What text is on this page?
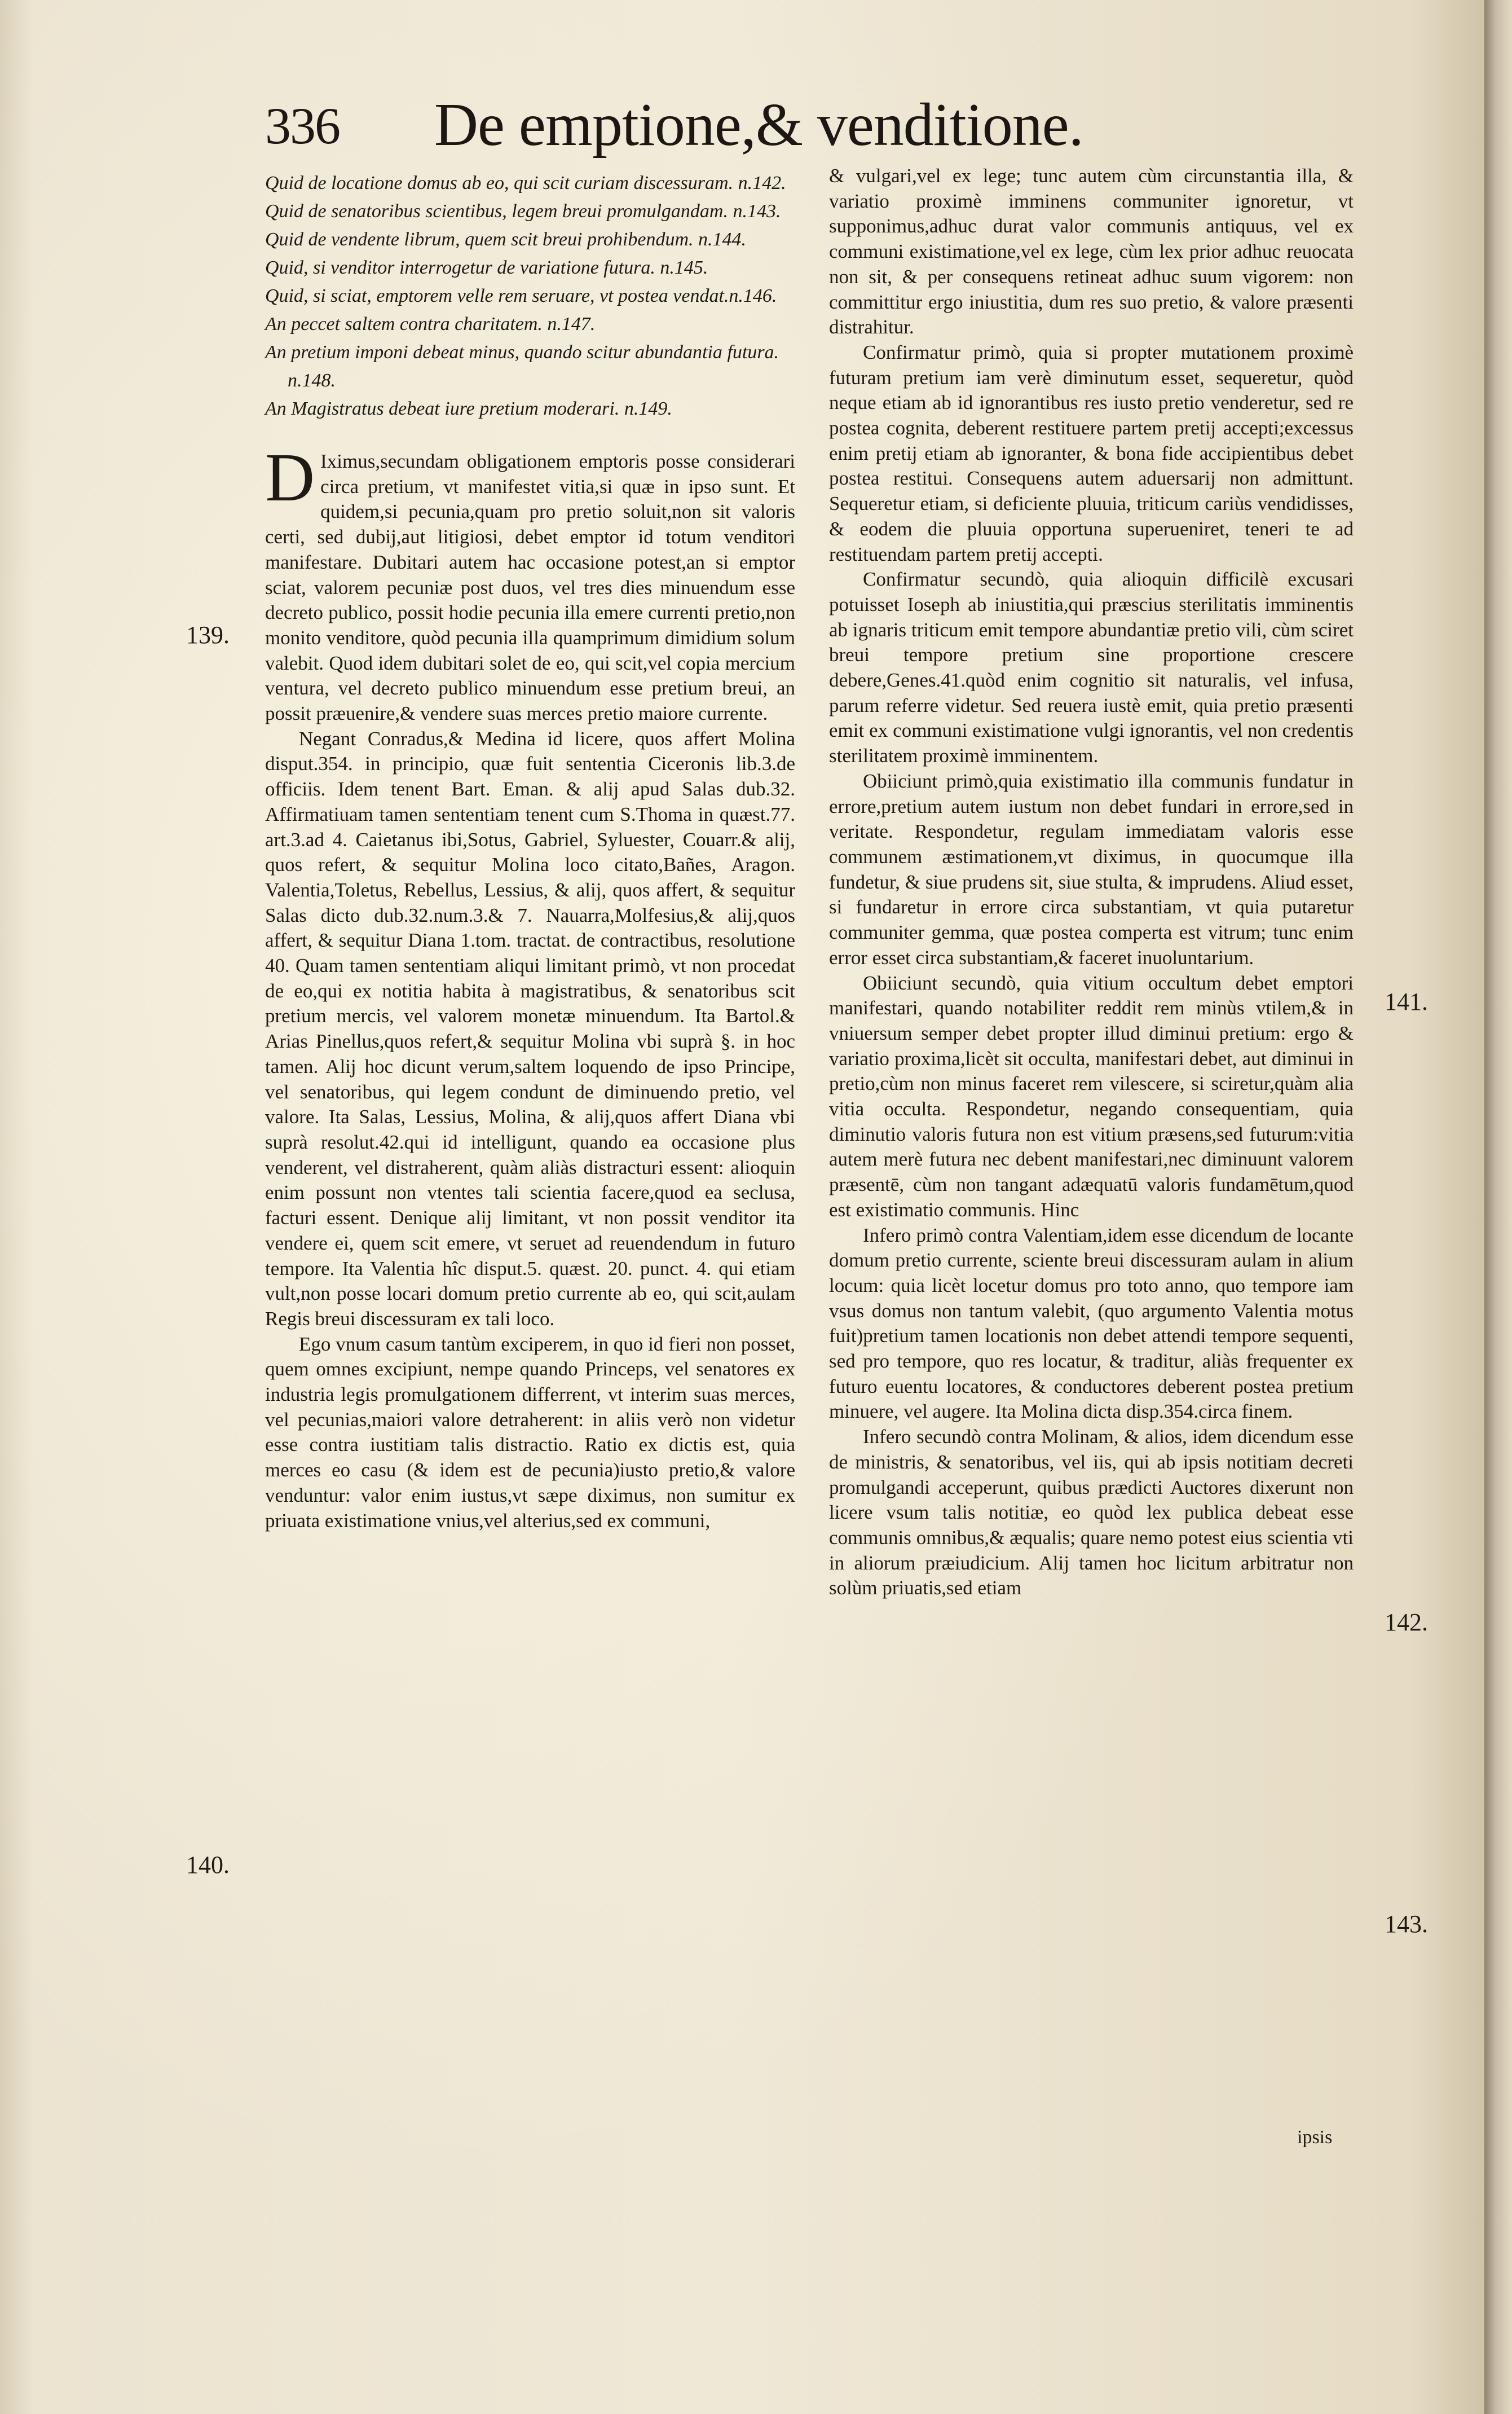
336 De emptione,& venditione.

Quid de locatione domus ab eo, qui scit curiam discessuram. n.142.

Quid de senatoribus scientibus, legem breui promulgandam. n.143.

Quid de vendente librum, quem scit breui prohibendum. n.144.

Quid, si venditor interrogetur de variatione futura. n.145.

Quid, si sciat, emptorem velle rem seruare, vt postea vendat.n.146.

An peccet saltem contra charitatem. n.147.

An pretium imponi debeat minus, quando scitur abundantia futura. n.148.

An Magistratus debeat iure pretium moderari. n.149.

D Iximus,secundam obligationem emptoris posse considerari circa pretium, vt manifestet vitia,si quæ in ipso sunt. Et quidem,si pecunia,quam pro pretio soluit,non sit valoris certi, sed dubij,aut litigiosi, debet emptor id totum venditori manifestare. Dubitari autem hac occasione potest,an si emptor sciat, valorem pecuniæ post duos, vel tres dies minuendum esse decreto publico, possit hodie pecunia illa emere currenti pretio,non monito venditore, quòd pecunia illa quamprimum dimidium solum valebit. Quod idem dubitari solet de eo, qui scit,vel copia mercium ventura, vel decreto publico minuendum esse pretium breui, an possit præuenire,& vendere suas merces pretio maiore currente.

Negant Conradus,& Medina id licere, quos affert Molina disput.354. in principio, quæ fuit sententia Ciceronis lib.3.de officiis. Idem tenent Bart. Eman. & alij apud Salas dub.32. Affirmatiuam tamen sententiam tenent cum S.Thoma in quæst.77. art.3.ad 4. Caietanus ibi,Sotus, Gabriel, Syluester, Couarr.& alij, quos refert, & sequitur Molina loco citato,Bañes, Aragon. Valentia,Toletus, Rebellus, Lessius, & alij, quos affert, & sequitur Salas dicto dub.32.num.3.& 7. Nauarra,Molfesius,& alij,quos affert, & sequitur Diana 1.tom. tractat. de contractibus, resolutione 40. Quam tamen sententiam aliqui limitant primò, vt non procedat de eo,qui ex notitia habita à magistratibus, & senatoribus scit pretium mercis, vel valorem monetæ minuendum. Ita Bartol.& Arias Pinellus,quos refert,& sequitur Molina vbi suprà §. in hoc tamen. Alij hoc dicunt verum,saltem loquendo de ipso Principe, vel senatoribus, qui legem condunt de diminuendo pretio, vel valore. Ita Salas, Lessius, Molina, & alij,quos affert Diana vbi suprà resolut.42.qui id intelligunt, quando ea occasione plus venderent, vel distraherent, quàm aliàs distracturi essent: alioquin enim possunt non vtentes tali scientia facere,quod ea seclusa, facturi essent. Denique alij limitant, vt non possit venditor ita vendere ei, quem scit emere, vt seruet ad reuendendum in futuro tempore. Ita Valentia hîc disput.5. quæst. 20. punct. 4. qui etiam vult,non posse locari domum pretio currente ab eo, qui scit,aulam Regis breui discessuram ex tali loco.

Ego vnum casum tantùm exciperem, in quo id fieri non posset, quem omnes excipiunt, nempe quando Princeps, vel senatores ex industria legis promulgationem differrent, vt interim suas merces, vel pecunias,maiori valore detraherent: in aliis verò non videtur esse contra iustitiam talis distractio. Ratio ex dictis est, quia merces eo casu (& idem est de pecunia)iusto pretio,& valore venduntur: valor enim iustus,vt sæpe diximus, non sumitur ex priuata existimatione vnius,vel alterius,sed ex communi,

& vulgari,vel ex lege; tunc autem cùm circunstantia illa, & variatio proximè imminens communiter ignoretur, vt supponimus,adhuc durat valor communis antiquus, vel ex communi existimatione,vel ex lege, cùm lex prior adhuc reuocata non sit, & per consequens retineat adhuc suum vigorem: non committitur ergo iniustitia, dum res suo pretio, & valore præsenti distrahitur.

Confirmatur primò, quia si propter mutationem proximè futuram pretium iam verè diminutum esset, sequeretur, quòd neque etiam ab id ignorantibus res iusto pretio venderetur, sed re postea cognita, deberent restituere partem pretij accepti;excessus enim pretij etiam ab ignoranter, & bona fide accipientibus debet postea restitui. Consequens autem aduersarij non admittunt. Sequeretur etiam, si deficiente pluuia, triticum cariùs vendidisses, & eodem die pluuia opportuna superueniret, teneri te ad restituendam partem pretij accepti.

Confirmatur secundò, quia alioquin difficilè excusari potuisset Ioseph ab iniustitia,qui præscius sterilitatis imminentis ab ignaris triticum emit tempore abundantiæ pretio vili, cùm sciret breui tempore pretium sine proportione crescere debere,Genes.41.quòd enim cognitio sit naturalis, vel infusa, parum referre videtur. Sed reuera iustè emit, quia pretio præsenti emit ex communi existimatione vulgi ignorantis, vel non credentis sterilitatem proximè imminentem.

Obiiciunt primò,quia existimatio illa communis fundatur in errore,pretium autem iustum non debet fundari in errore,sed in veritate. Respondetur, regulam immediatam valoris esse communem æstimationem,vt diximus, in quocumque illa fundetur, & siue prudens sit, siue stulta, & imprudens. Aliud esset, si fundaretur in errore circa substantiam, vt quia putaretur communiter gemma, quæ postea comperta est vitrum; tunc enim error esset circa substantiam,& faceret inuoluntarium.

Obiiciunt secundò, quia vitium occultum debet emptori manifestari, quando notabiliter reddit rem minùs vtilem,& in vniuersum semper debet propter illud diminui pretium: ergo & variatio proxima,licèt sit occulta, manifestari debet, aut diminui in pretio,cùm non minus faceret rem vilescere, si sciretur,quàm alia vitia occulta. Respondetur, negando consequentiam, quia diminutio valoris futura non est vitium præsens,sed futurum:vitia autem merè futura nec debent manifestari,nec diminuunt valorem præsentē, cùm non tangant adæquatū valoris fundamētum,quod est existimatio communis. Hinc

Infero primò contra Valentiam,idem esse dicendum de locante domum pretio currente, sciente breui discessuram aulam in alium locum: quia licèt locetur domus pro toto anno, quo tempore iam vsus domus non tantum valebit, (quo argumento Valentia motus fuit)pretium tamen locationis non debet attendi tempore sequenti, sed pro tempore, quo res locatur, & traditur, aliàs frequenter ex futuro euentu locatores, & conductores deberent postea pretium minuere, vel augere. Ita Molina dicta disp.354.circa finem.

Infero secundò contra Molinam, & alios, idem dicendum esse de ministris, & senatoribus, vel iis, qui ab ipsis notitiam decreti promulgandi acceperunt, quibus prædicti Auctores dixerunt non licere vsum talis notitiæ, eo quòd lex publica debeat esse communis omnibus,& æqualis; quare nemo potest eius scientia vti in aliorum præiudicium. Alij tamen hoc licitum arbitratur non solùm priuatis,sed etiam

139.
140.
141.
142.
143.
ipsis
